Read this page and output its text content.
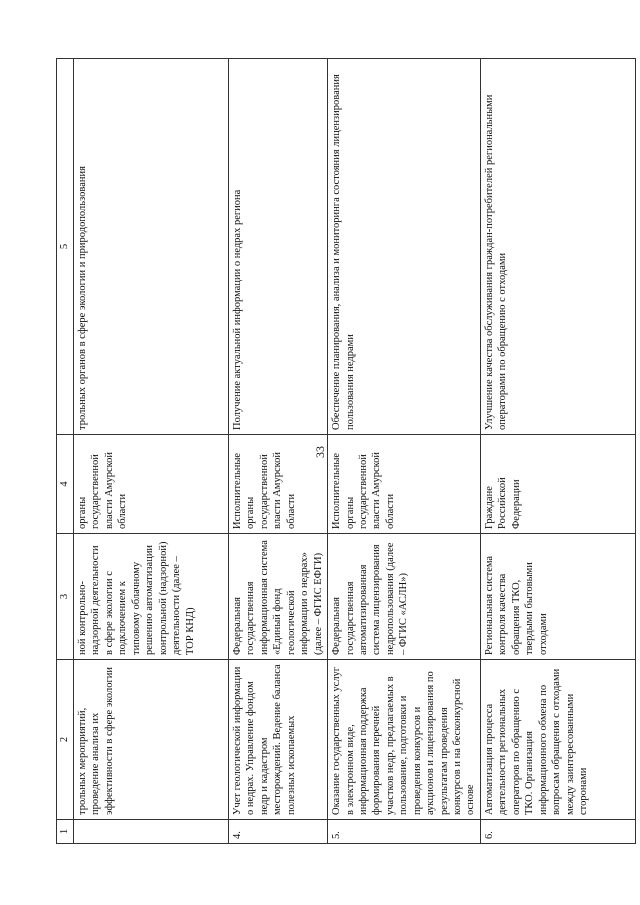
33
1	2	3	4	5
	трольных мероприятий, проведение анализа их эффективности в сфере экологии	ной контрольно-надзорной деятельности в сфере экологии с подключением к типовому облачному решению автоматизации контрольной (надзорной) деятельности (далее – ТОР КНД)	органы государственной власти Амурской области	трольных органов в сфере экологии и природопользования
4.	Учет геологической информации о недрах. Управление фондом недр и кадастром месторождений. Ведение баланса полезных ископаемых	Федеральная государственная информационная система «Единый фонд геологической информации о недрах» (далее – ФГИС ЕФГИ)	Исполнительные органы государственной власти Амурской области	Получение актуальной информации о недрах региона
5.	Оказание государственных услуг в электронном виде, информационная поддержка формирования перечней участков недр, предлагаемых в пользование, подготовки и проведения конкурсов и аукционов и лицензирования по результатам проведения конкурсов и на бесконкурсной основе	Федеральная государственная автоматизированная система лицензирования недропользования (далее – ФГИС «АСЛН»)	Исполнительные органы государственной власти Амурской области	Обеспечение планирования, анализа и мониторинга состояния лицензирования пользования недрами
6.	Автоматизация процесса деятельности региональных операторов по обращению с ТКО. Организация информационного обмена по вопросам обращения с отходами между заинтересованными сторонами	Региональная система контроля качества обращения ТКО, твердыми бытовыми отходами	Граждане Российской Федерации	Улучшение качества обслуживания граждан-потребителей региональными операторами по обращению с отходами
